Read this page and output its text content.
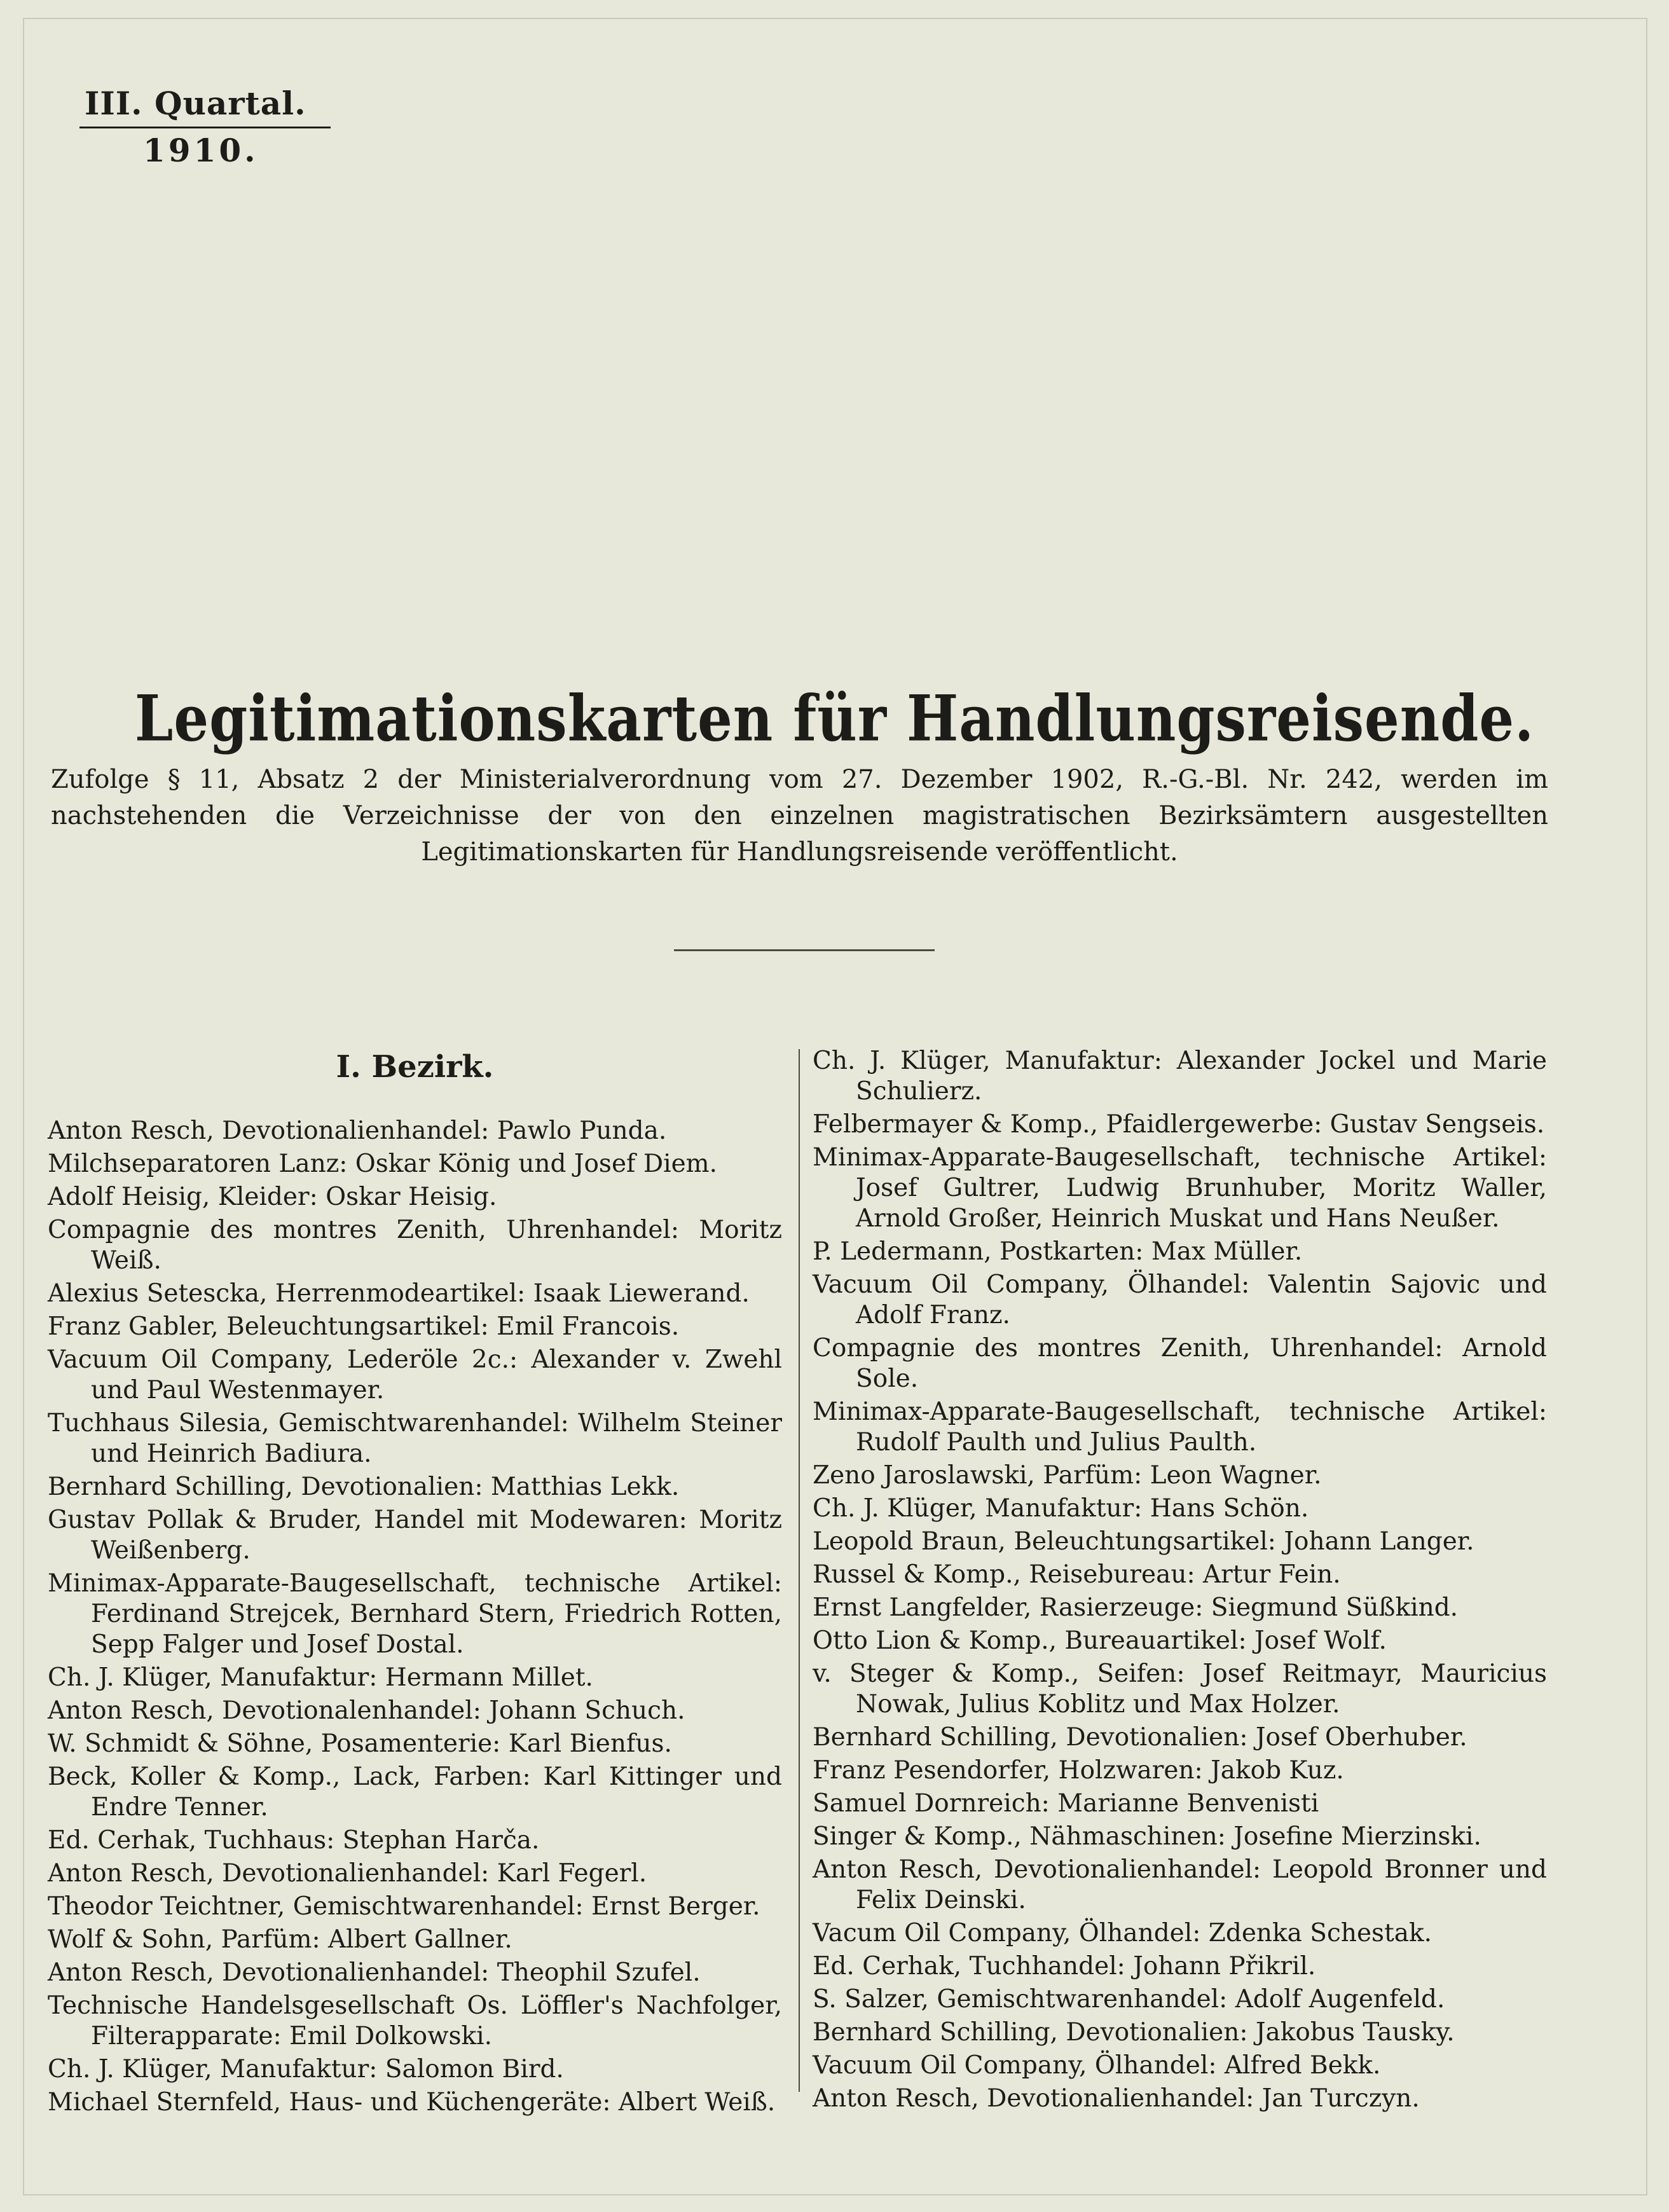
III. Quartal.
1910.
Legitimationskarten für Handlungsreisende.
Zufolge § 11, Absatz 2 der Ministerialverordnung vom 27. Dezember 1902, R.-G.-Bl. Nr. 242, werden im nachstehenden die Verzeichnisse der von den einzelnen magistratischen Bezirksämtern ausgestellten Legitimationskarten für Handlungsreisende veröffentlicht.
I. Bezirk.

Anton Resch, Devotionalienhandel: Pawlo Punda.

Milchseparatoren Lanz: Oskar König und Josef Diem.

Adolf Heisig, Kleider: Oskar Heisig.

Compagnie des montres Zenith, Uhrenhandel: Moritz Weiß.

Alexius Setescka, Herrenmodeartikel: Isaak Liewerand.

Franz Gabler, Beleuchtungsartikel: Emil Francois.

Vacuum Oil Company, Lederöle 2c.: Alexander v. Zwehl und Paul Westenmayer.

Tuchhaus Silesia, Gemischtwarenhandel: Wilhelm Steiner und Heinrich Badiura.

Bernhard Schilling, Devotionalien: Matthias Lekk.

Gustav Pollak & Bruder, Handel mit Modewaren: Moritz Weißenberg.

Minimax-Apparate-Baugesellschaft, technische Artikel: Ferdinand Strejcek, Bernhard Stern, Friedrich Rotten, Sepp Falger und Josef Dostal.

Ch. J. Klüger, Manufaktur: Hermann Millet.

Anton Resch, Devotionalenhandel: Johann Schuch.

W. Schmidt & Söhne, Posamenterie: Karl Bienfus.

Beck, Koller & Komp., Lack, Farben: Karl Kittinger und Endre Tenner.

Ed. Cerhak, Tuchhaus: Stephan Harča.

Anton Resch, Devotionalienhandel: Karl Fegerl.

Theodor Teichtner, Gemischtwarenhandel: Ernst Berger.

Wolf & Sohn, Parfüm: Albert Gallner.

Anton Resch, Devotionalienhandel: Theophil Szufel.

Technische Handelsgesellschaft Os. Löffler's Nachfolger, Filterapparate: Emil Dolkowski.

Ch. J. Klüger, Manufaktur: Salomon Bird.

Michael Sternfeld, Haus- und Küchengeräte: Albert Weiß.

Ch. J. Klüger, Manufaktur: Alexander Jockel und Marie Schulierz.

Felbermayer & Komp., Pfaidlergewerbe: Gustav Sengseis.

Minimax-Apparate-Baugesellschaft, technische Artikel: Josef Gultrer, Ludwig Brunhuber, Moritz Waller, Arnold Großer, Heinrich Muskat und Hans Neußer.

P. Ledermann, Postkarten: Max Müller.

Vacuum Oil Company, Ölhandel: Valentin Sajovic und Adolf Franz.

Compagnie des montres Zenith, Uhrenhandel: Arnold Sole.

Minimax-Apparate-Baugesellschaft, technische Artikel: Rudolf Paulth und Julius Paulth.

Zeno Jaroslawski, Parfüm: Leon Wagner.

Ch. J. Klüger, Manufaktur: Hans Schön.

Leopold Braun, Beleuchtungsartikel: Johann Langer.

Russel & Komp., Reisebureau: Artur Fein.

Ernst Langfelder, Rasierzeuge: Siegmund Süßkind.

Otto Lion & Komp., Bureauartikel: Josef Wolf.

v. Steger & Komp., Seifen: Josef Reitmayr, Mauricius Nowak, Julius Koblitz und Max Holzer.

Bernhard Schilling, Devotionalien: Josef Oberhuber.

Franz Pesendorfer, Holzwaren: Jakob Kuz.

Samuel Dornreich: Marianne Benvenisti

Singer & Komp., Nähmaschinen: Josefine Mierzinski.

Anton Resch, Devotionalienhandel: Leopold Bronner und Felix Deinski.

Vacum Oil Company, Ölhandel: Zdenka Schestak.

Ed. Cerhak, Tuchhandel: Johann Přikril.

S. Salzer, Gemischtwarenhandel: Adolf Augenfeld.

Bernhard Schilling, Devotionalien: Jakobus Tausky.

Vacuum Oil Company, Ölhandel: Alfred Bekk.

Anton Resch, Devotionalienhandel: Jan Turczyn.
